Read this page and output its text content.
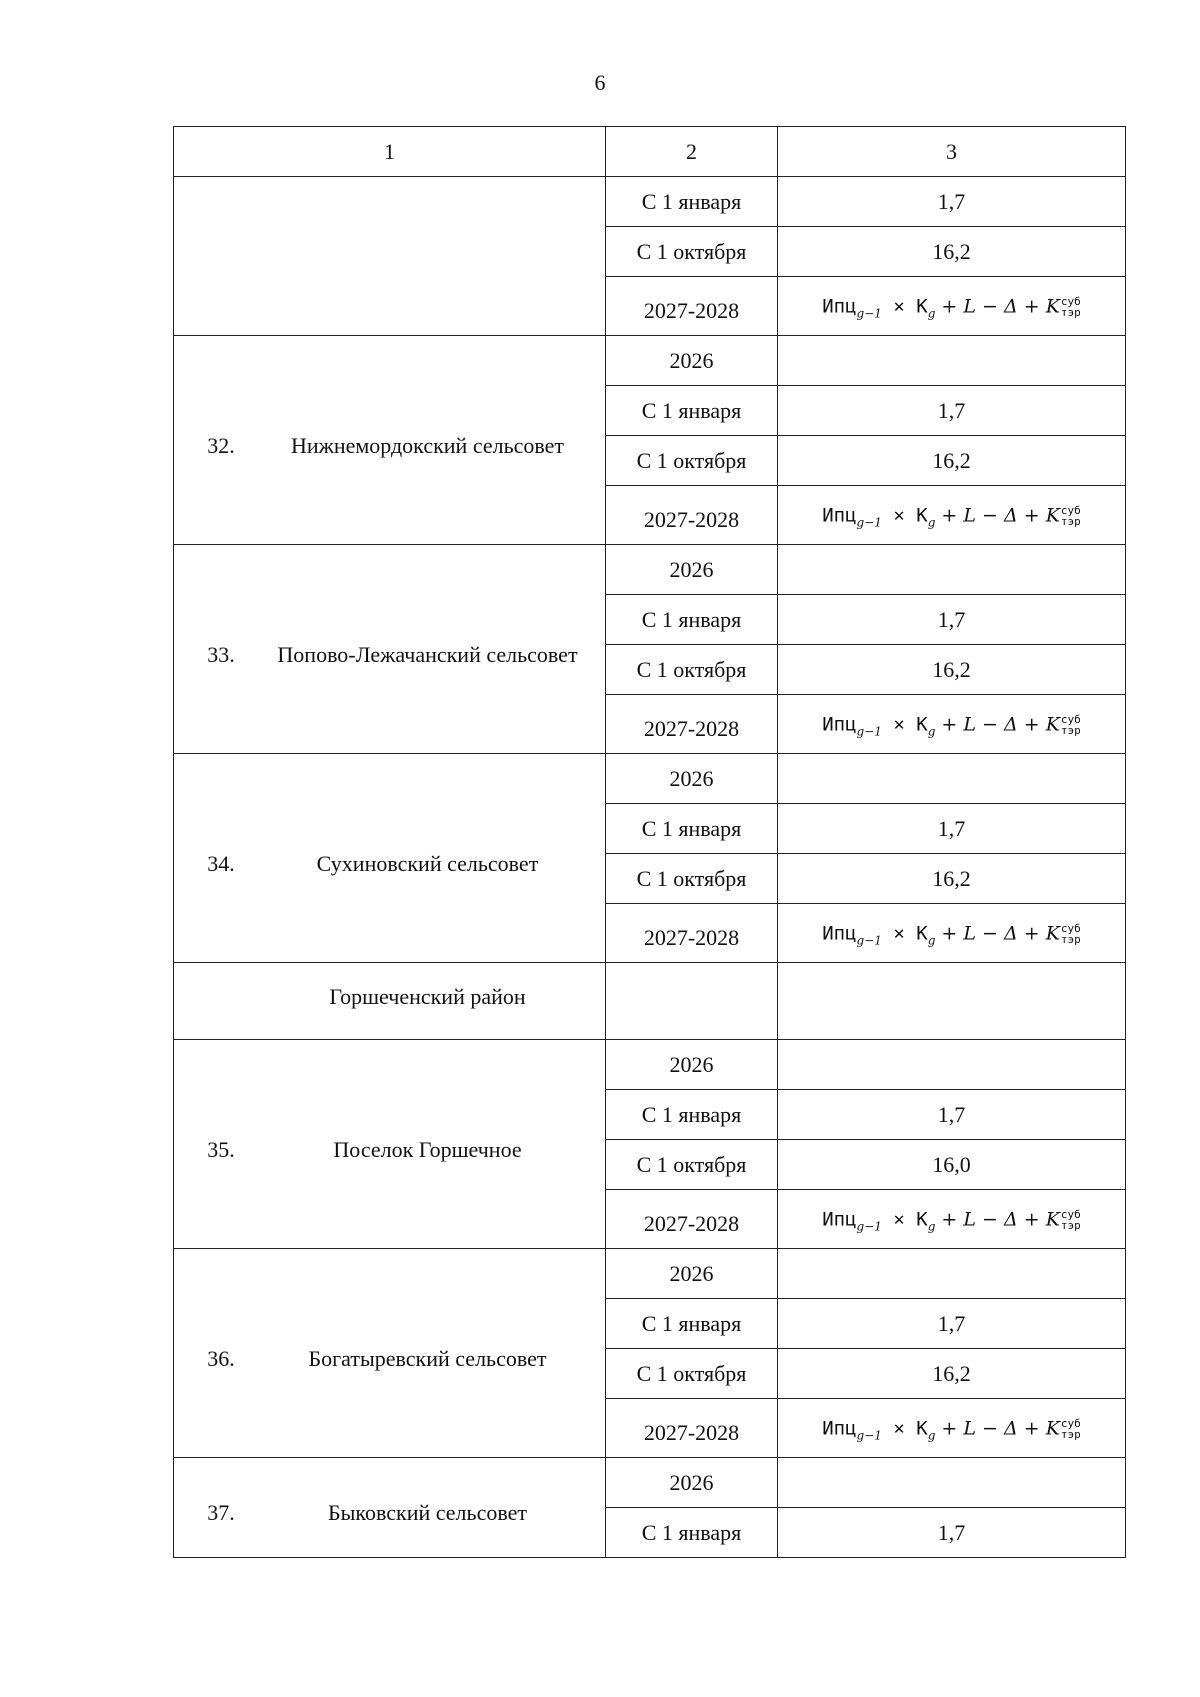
6
1	2	3
	С 1 января	1,7
	С 1 октября	16,2

	2027-2028	$Ипц_{g-1} \times К_g + L - \Delta + K$ суб
тэр

32. Нижнемордокский сельсовет	2026	
	С 1 января	1,7
	С 1 октября	16,2

	2027-2028	$Ипц_{g-1} \times К_g + L - \Delta + K$ суб
тэр

33. Попово-Лежачанский сельсовет	2026	
	С 1 января	1,7
	С 1 октября	16,2

	2027-2028	$Ипц_{g-1} \times К_g + L - \Delta + K$ суб
тэр

34. Сухиновский сельсовет	2026	
	С 1 января	1,7
	С 1 октября	16,2

	2027-2028	$Ипц_{g-1} \times К_g + L - \Delta + K$ суб
тэр

Горшеченский район		

35. Поселок Горшечное	2026	
	С 1 января	1,7
	С 1 октября	16,0

	2027-2028	$Ипц_{g-1} \times К_g + L - \Delta + K$ суб
тэр

36. Богатыревский сельсовет	2026	
	С 1 января	1,7
	С 1 октября	16,2

	2027-2028	$Ипц_{g-1} \times К_g + L - \Delta + K$ суб
тэр

37. Быковский сельсовет	2026	
	С 1 января	1,7
